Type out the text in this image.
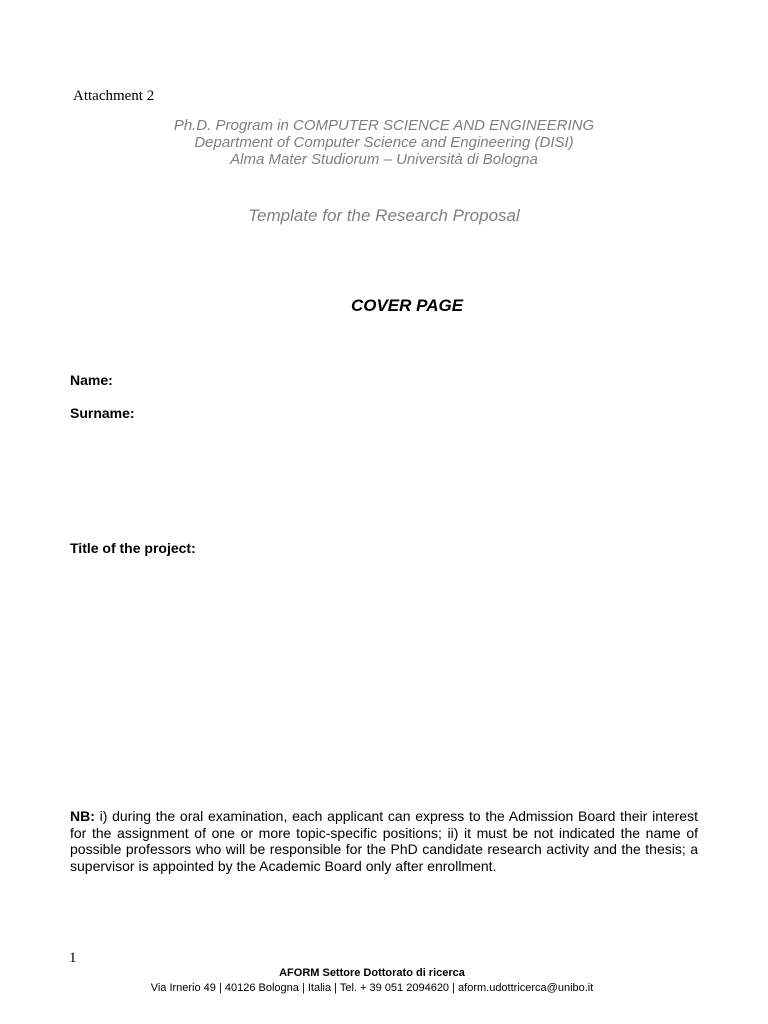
Attachment 2
Ph.D. Program in COMPUTER SCIENCE AND ENGINEERING
Department of Computer Science and Engineering (DISI)
Alma Mater Studiorum – Università di Bologna
Template for the Research Proposal
COVER PAGE
Name:
Surname:
Title of the project:
NB: i) during the oral examination, each applicant can express to the Admission Board their interest for the assignment of one or more topic-specific positions; ii) it must be not indicated the name of possible professors who will be responsible for the PhD candidate research activity and the thesis; a supervisor is appointed by the Academic Board only after enrollment.
1
AFORM Settore Dottorato di ricerca
Via Irnerio 49 | 40126 Bologna | Italia | Tel. + 39 051 2094620 | aform.udottricerca@unibo.it
